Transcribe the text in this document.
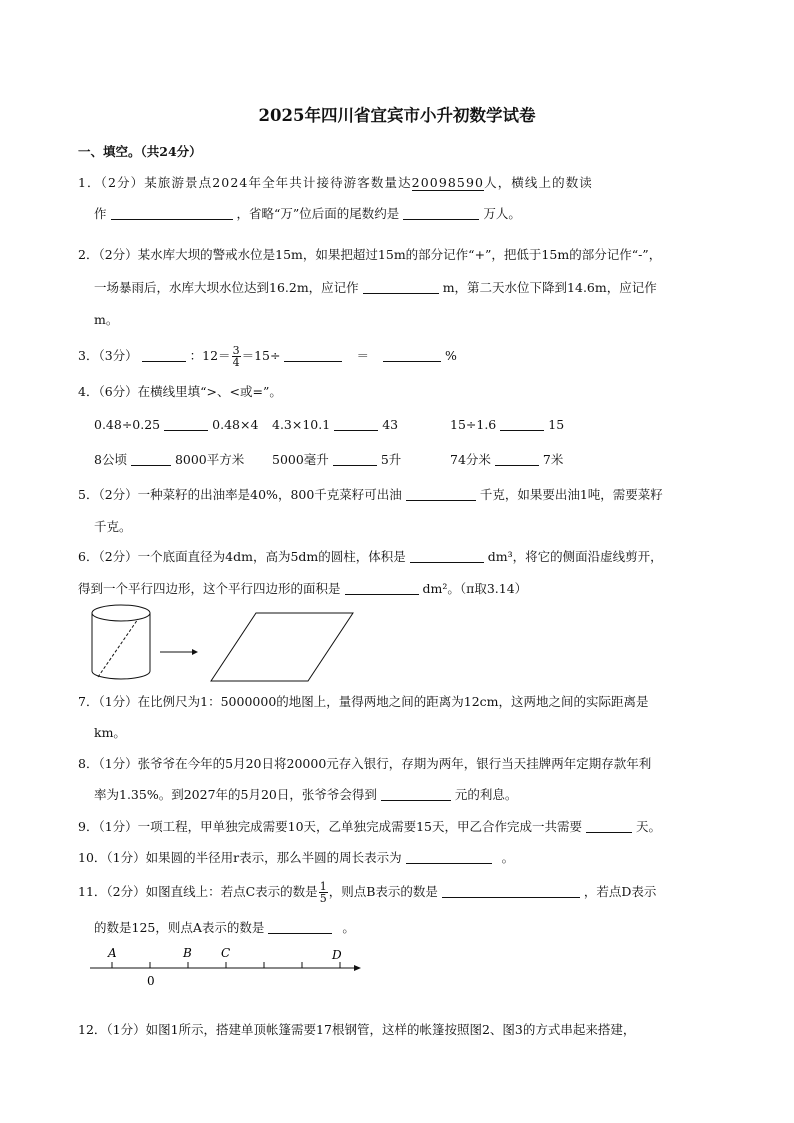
2025年四川省宜宾市小升初数学试卷
一、填空。（共24分）
1．（2分）某旅游景点2024年全年共计接待游客数量达20098590人，横线上的数读
作	，省略“万”位后面的尾数约是	万人。
2．（2分）某水库大坝的警戒水位是15m，如果把超过15m的部分记作“+”，把低于15m的部分记作“-”，
一场暴雨后，水库大坝水位达到16.2m，应记作	m，第二天水位下降到14.6m，应记作
m。
3．（3分）	：$12= \frac{3}{4} =15\div$	＝	%
4．（6分）在横线里填“>、<或=”。
0.48÷0.25	0.48×4 4.3×10.1	43	15÷1.6	15
8公顷	8000平方米 5000毫升	5升	74分米	7米
5．（2分）一种菜籽的出油率是40%，800千克菜籽可出油	千克，如果要出油1吨，需要菜籽
千克。
6．（2分）一个底面直径为4dm，高为5dm的圆柱，体积是	dm³，将它的侧面沿虚线剪开，
得到一个平行四边形，这个平行四边形的面积是	dm²。（π取3.14）
7．（1分）在比例尺为1：5000000的地图上，量得两地之间的距离为12cm，这两地之间的实际距离是
km。
8．（1分）张爷爷在今年的5月20日将20000元存入银行，存期为两年，银行当天挂牌两年定期存款年利
率为1.35%。到2027年的5月20日，张爷爷会得到	元的利息。
9．（1分）一项工程，甲单独完成需要10天，乙单独完成需要15天，甲乙合作完成一共需要	天。
10．（1分）如果圆的半径用r表示，那么半圆的周长表示为	。
11．（2分）如图直线上：若点C表示的数是 $\frac{1}{5}$ ，则点B表示的数是	，若点D表示
的数是125，则点A表示的数是	。
A	B C	D
0
12．（1分）如图1所示，搭建单顶帐篷需要17根钢管，这样的帐篷按照图2、图3的方式串起来搭建，
